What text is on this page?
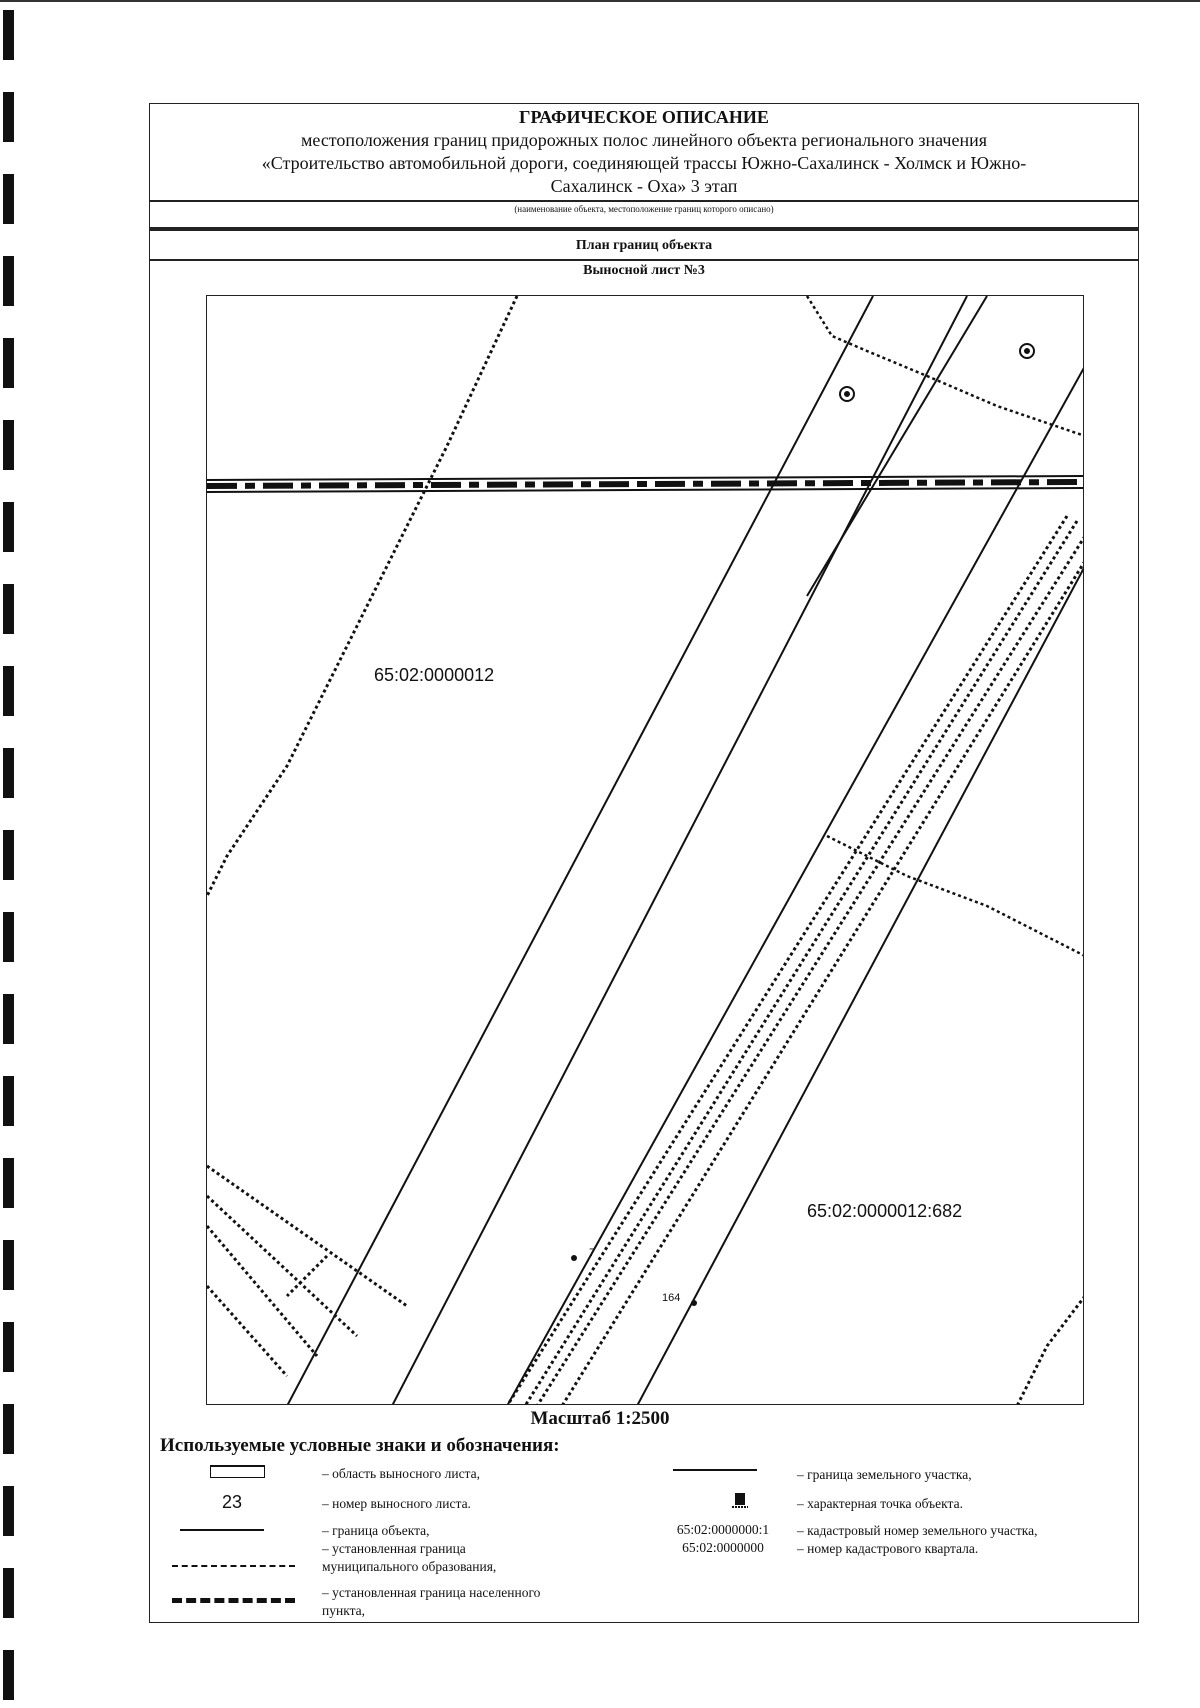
ГРАФИЧЕСКОЕ ОПИСАНИЕ
местоположения границ придорожных полос линейного объекта регионального значения
«Строительство автомобильной дороги, соединяющей трассы Южно-Сахалинск - Холмск и Южно-
Сахалинск - Оха» 3 этап
(наименование объекта, местоположение границ которого описано)
План границ объекта
Выносной лист №3
65:02:0000012
65:02:0000012:682
7
164
Масштаб 1:2500
Используемые условные знаки и обозначения:
– область выносного листа,
23	– номер выносного листа.
– граница объекта,
– установленная граница
муниципального образования,
– установленная граница населенного
пункта,
– граница земельного участка,
– характерная точка объекта.
65:02:0000000:1
65:02:0000000
– кадастровый номер земельного участка,
– номер кадастрового квартала.
